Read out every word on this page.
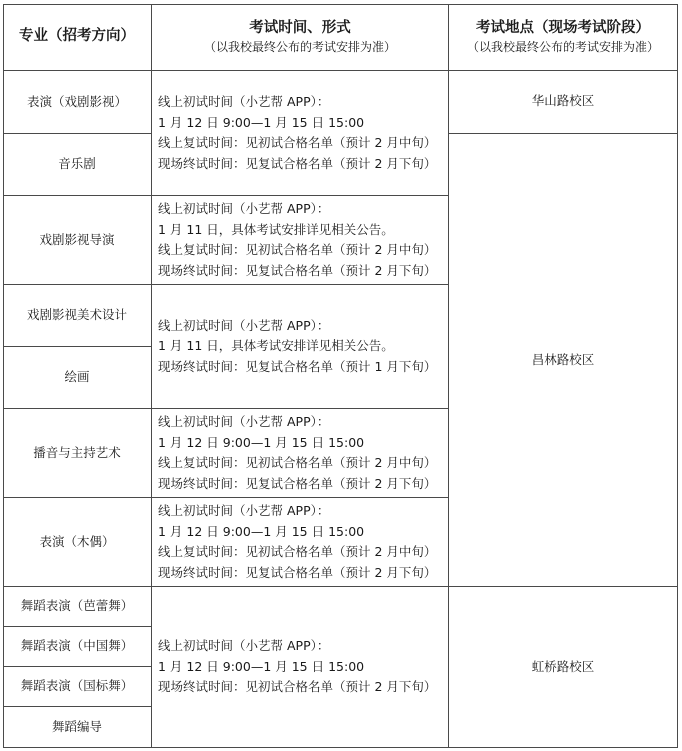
专业（招考方向）
考试时间、形式
（以我校最终公布的考试安排为准）
考试地点（现场考试阶段）
（以我校最终公布的考试安排为准）
表演（戏剧影视）
音乐剧
戏剧影视导演
戏剧影视美术设计
绘画
播音与主持艺术
表演（木偶）
舞蹈表演（芭蕾舞）
舞蹈表演（中国舞）
舞蹈表演（国标舞）
舞蹈编导
线上初试时间（小艺帮 APP）：
1 月 12 日 9:00—1 月 15 日 15:00
线上复试时间：见初试合格名单（预计 2 月中旬）
现场终试时间：见复试合格名单（预计 2 月下旬）
线上初试时间（小艺帮 APP）：
1 月 11 日，具体考试安排详见相关公告。
线上复试时间：见初试合格名单（预计 2 月中旬）
现场终试时间：见复试合格名单（预计 2 月下旬）
线上初试时间（小艺帮 APP）：
1 月 11 日，具体考试安排详见相关公告。
现场终试时间：见复试合格名单（预计 1 月下旬）
线上初试时间（小艺帮 APP）：
1 月 12 日 9:00—1 月 15 日 15:00
线上复试时间：见初试合格名单（预计 2 月中旬）
现场终试时间：见复试合格名单（预计 2 月下旬）
线上初试时间（小艺帮 APP）：
1 月 12 日 9:00—1 月 15 日 15:00
线上复试时间：见初试合格名单（预计 2 月中旬）
现场终试时间：见复试合格名单（预计 2 月下旬）
线上初试时间（小艺帮 APP）：
1 月 12 日 9:00—1 月 15 日 15:00
现场终试时间：见初试合格名单（预计 2 月下旬）
华山路校区
昌林路校区
虹桥路校区
